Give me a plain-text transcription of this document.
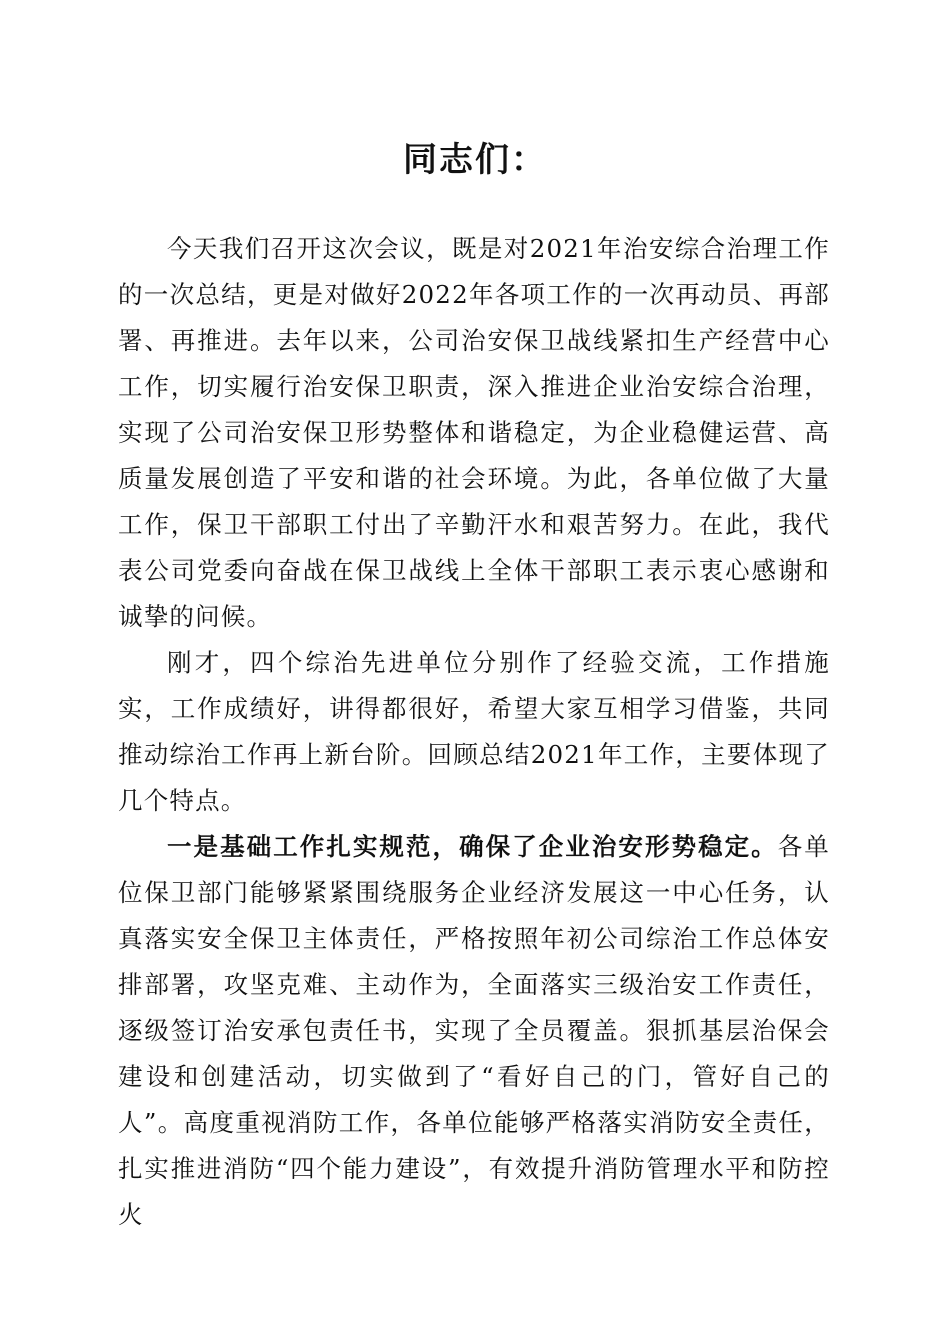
同志们：

今天我们召开这次会议，既是对2021年治安综合治理工作的一次总结，更是对做好2022年各项工作的一次再动员、再部署、再推进。去年以来，公司治安保卫战线紧扣生产经营中心工作，切实履行治安保卫职责，深入推进企业治安综合治理，实现了公司治安保卫形势整体和谐稳定，为企业稳健运营、高质量发展创造了平安和谐的社会环境。为此，各单位做了大量工作，保卫干部职工付出了辛勤汗水和艰苦努力。在此，我代表公司党委向奋战在保卫战线上全体干部职工表示衷心感谢和诚挚的问候。

刚才，四个综治先进单位分别作了经验交流，工作措施实，工作成绩好，讲得都很好，希望大家互相学习借鉴，共同推动综治工作再上新台阶。回顾总结2021年工作，主要体现了几个特点。

一是基础工作扎实规范，确保了企业治安形势稳定。各单位保卫部门能够紧紧围绕服务企业经济发展这一中心任务，认真落实安全保卫主体责任，严格按照年初公司综治工作总体安排部署，攻坚克难、主动作为，全面落实三级治安工作责任，逐级签订治安承包责任书，实现了全员覆盖。狠抓基层治保会建设和创建活动，切实做到了“看好自己的门，管好自己的人”。高度重视消防工作，各单位能够严格落实消防安全责任，扎实推进消防“四个能力建设”，有效提升消防管理水平和防控火
